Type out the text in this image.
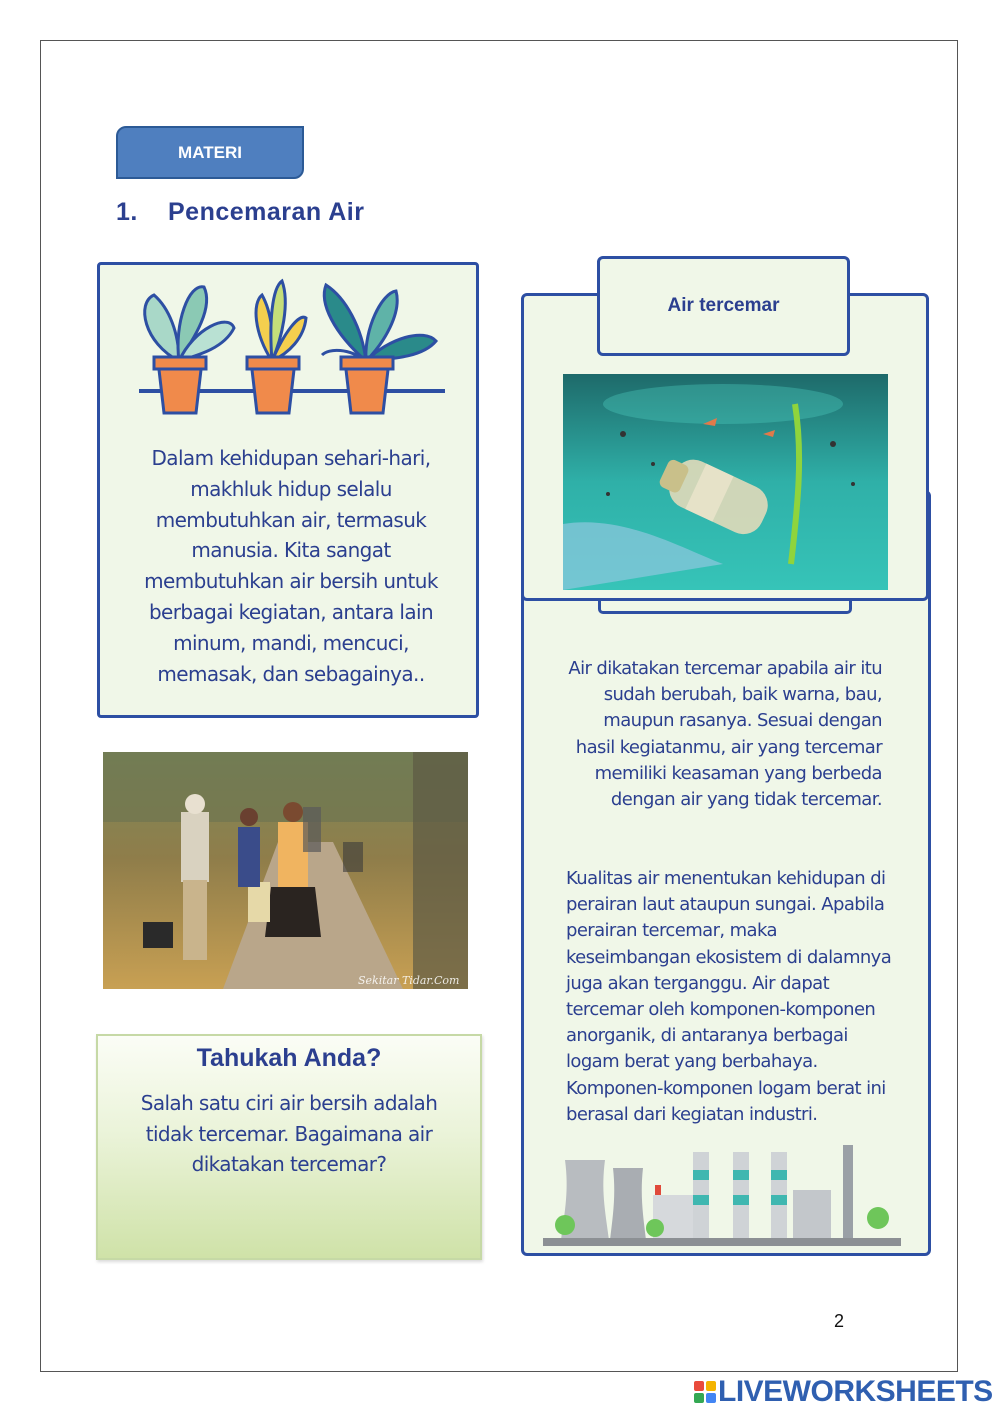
MATERI
1. Pencemaran Air
Dalam kehidupan sehari-hari, makhluk hidup selalu membutuhkan air, termasuk manusia. Kita sangat membutuhkan air bersih untuk berbagai kegiatan, antara lain minum, mandi, mencuci, memasak, dan sebagainya..
Sekitar Tidar.Com
Tahukah Anda?
Salah satu ciri air bersih adalah tidak tercemar. Bagaimana air dikatakan tercemar?
Air tercemar
Air dikatakan tercemar apabila air itu sudah berubah, baik warna, bau, maupun rasanya. Sesuai dengan hasil kegiatanmu, air yang tercemar memiliki keasaman yang berbeda dengan air yang tidak tercemar.
Kualitas air menentukan kehidupan di perairan laut ataupun sungai. Apabila perairan tercemar, maka keseimbangan ekosistem di dalamnya juga akan terganggu. Air dapat tercemar oleh komponen-komponen anorganik, di antaranya berbagai logam berat yang berbahaya. Komponen-komponen logam berat ini berasal dari kegiatan industri.
2
LIVEWORKSHEETS
